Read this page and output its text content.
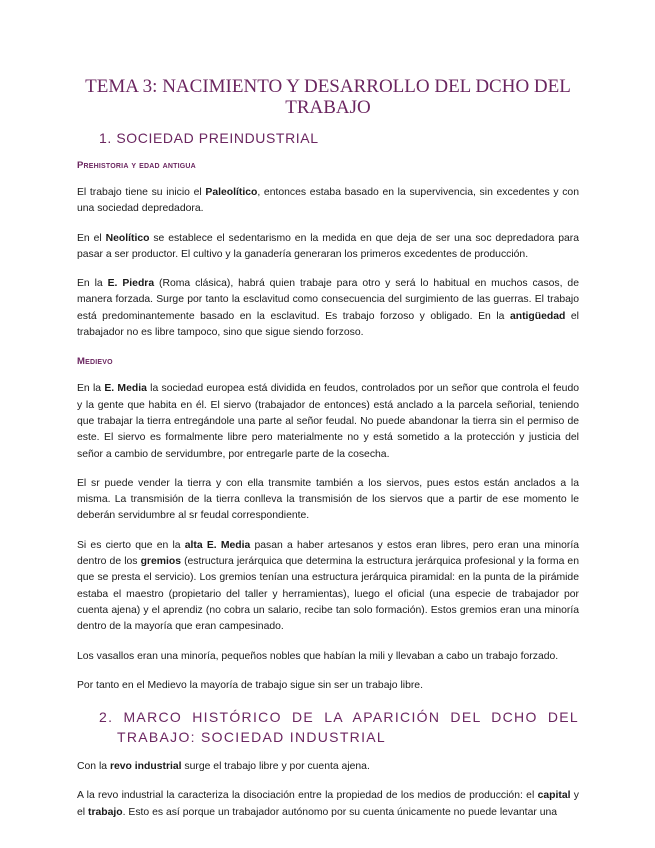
TEMA 3: NACIMIENTO Y DESARROLLO DEL DCHO DEL
TRABAJO
1. SOCIEDAD PREINDUSTRIAL
Prehistoria y edad antigua

El trabajo tiene su inicio el Paleolítico, entonces estaba basado en la supervivencia, sin excedentes y con una sociedad depredadora.

En el Neolítico se establece el sedentarismo en la medida en que deja de ser una soc depredadora para pasar a ser productor. El cultivo y la ganadería generaran los primeros excedentes de producción.

En la E. Piedra (Roma clásica), habrá quien trabaje para otro y será lo habitual en muchos casos, de manera forzada. Surge por tanto la esclavitud como consecuencia del surgimiento de las guerras. El trabajo está predominantemente basado en la esclavitud. Es trabajo forzoso y obligado. En la antigüedad el trabajador no es libre tampoco, sino que sigue siendo forzoso.

Medievo

En la E. Media la sociedad europea está dividida en feudos, controlados por un señor que controla el feudo y la gente que habita en él. El siervo (trabajador de entonces) está anclado a la parcela señorial, teniendo que trabajar la tierra entregándole una parte al señor feudal. No puede abandonar la tierra sin el permiso de este. El siervo es formalmente libre pero materialmente no y está sometido a la protección y justicia del señor a cambio de servidumbre, por entregarle parte de la cosecha.

El sr puede vender la tierra y con ella transmite también a los siervos, pues estos están anclados a la misma. La transmisión de la tierra conlleva la transmisión de los siervos que a partir de ese momento le deberán servidumbre al sr feudal correspondiente.

Si es cierto que en la alta E. Media pasan a haber artesanos y estos eran libres, pero eran una minoría dentro de los gremios (estructura jerárquica que determina la estructura jerárquica profesional y la forma en que se presta el servicio). Los gremios tenían una estructura jerárquica piramidal: en la punta de la pirámide estaba el maestro (propietario del taller y herramientas), luego el oficial (una especie de trabajador por cuenta ajena) y el aprendiz (no cobra un salario, recibe tan solo formación). Estos gremios eran una minoría dentro de la mayoría que eran campesinado.

Los vasallos eran una minoría, pequeños nobles que habían la mili y llevaban a cabo un trabajo forzado.

Por tanto en el Medievo la mayoría de trabajo sigue sin ser un trabajo libre.

2. MARCO HISTÓRICO DE LA APARICIÓN DEL DCHO DEL TRABAJO: SOCIEDAD INDUSTRIAL

Con la revo industrial surge el trabajo libre y por cuenta ajena.

A la revo industrial la caracteriza la disociación entre la propiedad de los medios de producción: el capital y el trabajo. Esto es así porque un trabajador autónomo por su cuenta únicamente no puede levantar una
